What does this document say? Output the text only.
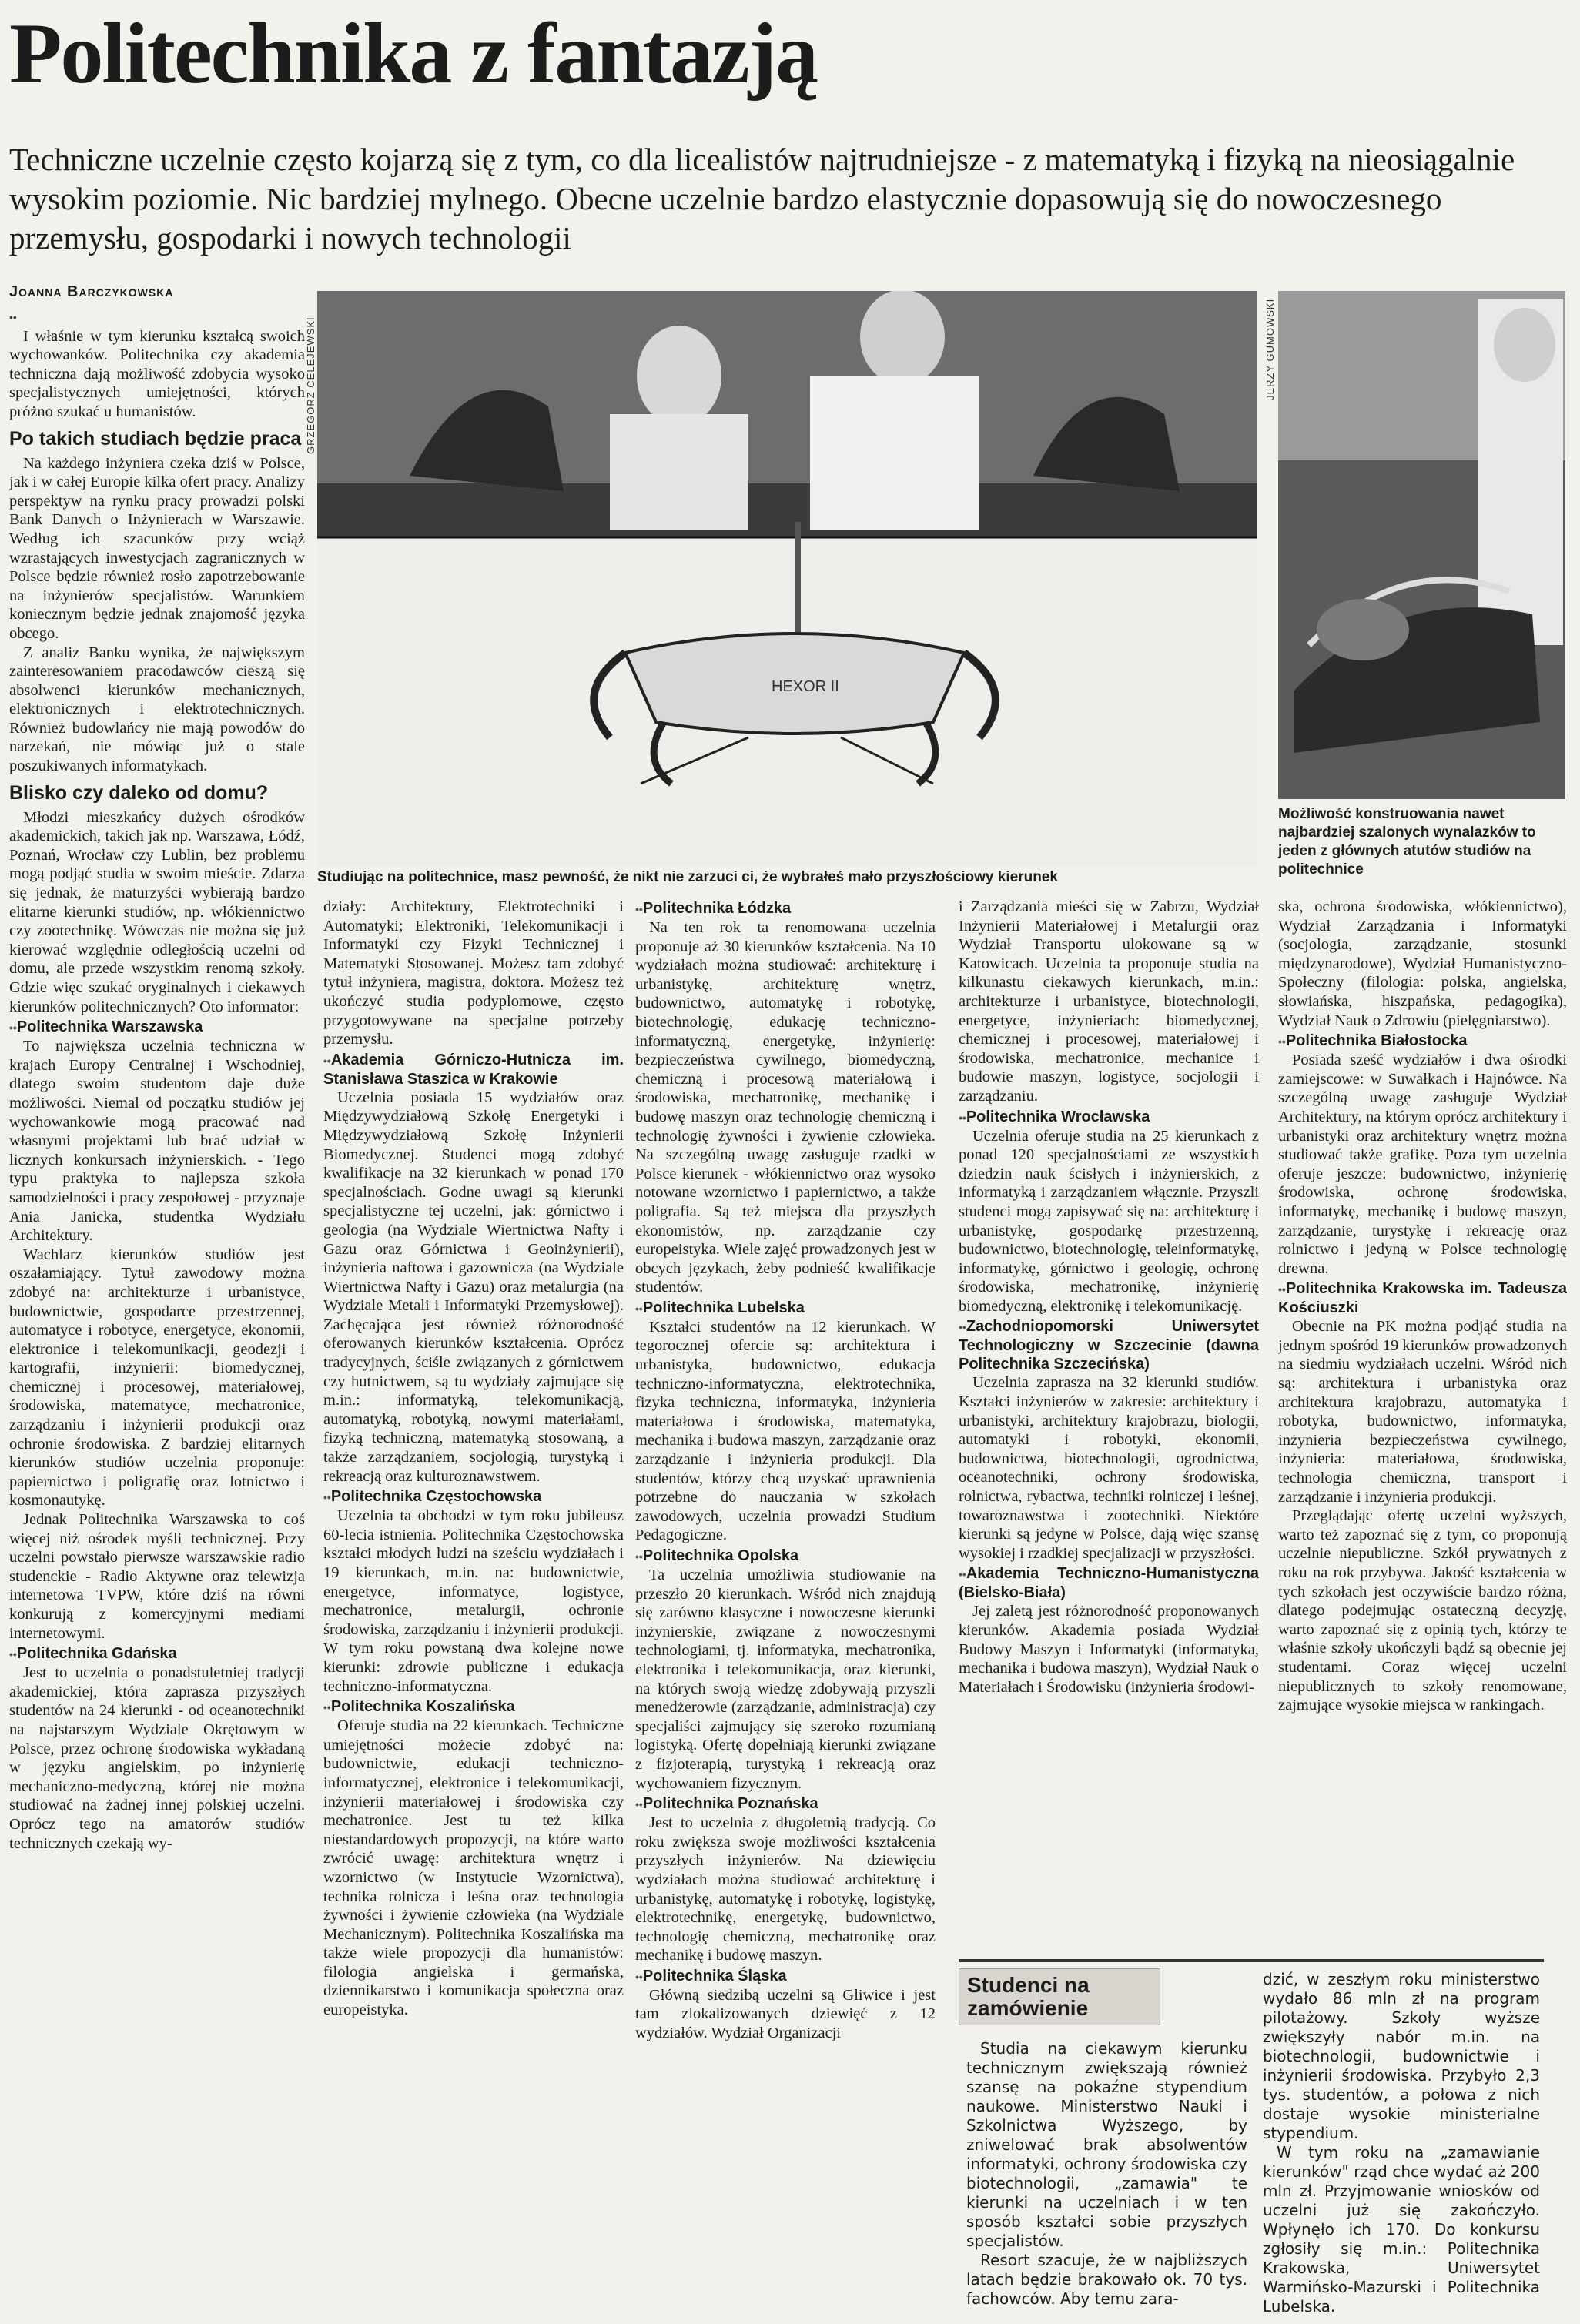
Politechnika z fantazją

Techniczne uczelnie często kojarzą się z tym, co dla licealistów najtrudniejsze - z matematyką i fizyką na nieosiągalnie wysokim poziomie. Nic bardziej mylnego. Obecne uczelnie bardzo elastycznie dopasowują się do nowoczesnego przemysłu, gospodarki i nowych technologii

Joanna Barczykowska
••

I właśnie w tym kierunku kształcą swoich wychowanków. Politechnika czy akademia techniczna dają możliwość zdobycia wysoko specjalistycznych umiejętności, których próżno szukać u humanistów.

Po takich studiach będzie praca

Na każdego inżyniera czeka dziś w Polsce, jak i w całej Europie kilka ofert pracy. Analizy perspektyw na rynku pracy prowadzi polski Bank Danych o Inżynierach w Warszawie. Według ich szacunków przy wciąż wzrastających inwestycjach zagranicznych w Polsce będzie również rosło zapotrzebowanie na inżynierów specjalistów. Warunkiem koniecznym będzie jednak znajomość języka obcego.

Z analiz Banku wynika, że największym zainteresowaniem pracodawców cieszą się absolwenci kierunków mechanicznych, elektronicznych i elektrotechnicznych. Również budowlańcy nie mają powodów do narzekań, nie mówiąc już o stale poszukiwanych informatykach.

Blisko czy daleko od domu?

Młodzi mieszkańcy dużych ośrodków akademickich, takich jak np. Warszawa, Łódź, Poznań, Wrocław czy Lublin, bez problemu mogą podjąć studia w swoim mieście. Zdarza się jednak, że maturzyści wybierają bardzo elitarne kierunki studiów, np. włókiennictwo czy zootechnikę. Wówczas nie można się już kierować względnie odległością uczelni od domu, ale przede wszystkim renomą szkoły. Gdzie więc szukać oryginalnych i ciekawych kierunków politechnicznych? Oto informator:

•• Politechnika Warszawska

To największa uczelnia techniczna w krajach Europy Centralnej i Wschodniej, dlatego swoim studentom daje duże możliwości. Niemal od początku studiów jej wychowankowie mogą pracować nad własnymi projektami lub brać udział w licznych konkursach inżynierskich. - Tego typu praktyka to najlepsza szkoła samodzielności i pracy zespołowej - przyznaje Ania Janicka, studentka Wydziału Architektury.

Wachlarz kierunków studiów jest oszałamiający. Tytuł zawodowy można zdobyć na: architekturze i urbanistyce, budownictwie, gospodarce przestrzennej, automatyce i robotyce, energetyce, ekonomii, elektronice i telekomunikacji, geodezji i kartografii, inżynierii: biomedycznej, chemicznej i procesowej, materiałowej, środowiska, matematyce, mechatronice, zarządzaniu i inżynierii produkcji oraz ochronie środowiska. Z bardziej elitarnych kierunków studiów uczelnia proponuje: papiernictwo i poligrafię oraz lotnictwo i kosmonautykę.

Jednak Politechnika Warszawska to coś więcej niż ośrodek myśli technicznej. Przy uczelni powstało pierwsze warszawskie radio studenckie - Radio Aktywne oraz telewizja internetowa TVPW, które dziś na równi konkurują z komercyjnymi mediami internetowymi.

•• Politechnika Gdańska

Jest to uczelnia o ponadstuletniej tradycji akademickiej, która zaprasza przyszłych studentów na 24 kierunki - od oceanotechniki na najstarszym Wydziale Okrętowym w Polsce, przez ochronę środowiska wykładaną w języku angielskim, po inżynierię mechaniczno-medyczną, której nie można studiować na żadnej innej polskiej uczelni. Oprócz tego na amatorów studiów technicznych czekają wy-

HEXOR II
GRZEGORZ CELEJEWSKI
Studiując na politechnice, masz pewność, że nikt nie zarzuci ci, że wybrałeś mało przyszłościowy kierunek
JERZY GUMOWSKI
Możliwość konstruowania nawet najbardziej szalonych wynalazków to jeden z głównych atutów studiów na politechnice

działy: Architektury, Elektrotechniki i Automatyki; Elektroniki, Telekomunikacji i Informatyki czy Fizyki Technicznej i Matematyki Stosowanej. Możesz tam zdobyć tytuł inżyniera, magistra, doktora. Możesz też ukończyć studia podyplomowe, często przygotowywane na specjalne potrzeby przemysłu.

•• Akademia Górniczo-Hutnicza im. Stanisława Staszica w Krakowie

Uczelnia posiada 15 wydziałów oraz Międzywydziałową Szkołę Energetyki i Międzywydziałową Szkołę Inżynierii Biomedycznej. Studenci mogą zdobyć kwalifikacje na 32 kierunkach w ponad 170 specjalnościach. Godne uwagi są kierunki specjalistyczne tej uczelni, jak: górnictwo i geologia (na Wydziale Wiertnictwa Nafty i Gazu oraz Górnictwa i Geoinżynierii), inżynieria naftowa i gazownicza (na Wydziale Wiertnictwa Nafty i Gazu) oraz metalurgia (na Wydziale Metali i Informatyki Przemysłowej). Zachęcająca jest również różnorodność oferowanych kierunków kształcenia. Oprócz tradycyjnych, ściśle związanych z górnictwem czy hutnictwem, są tu wydziały zajmujące się m.in.: informatyką, telekomunikacją, automatyką, robotyką, nowymi materiałami, fizyką techniczną, matematyką stosowaną, a także zarządzaniem, socjologią, turystyką i rekreacją oraz kulturoznawstwem.

•• Politechnika Częstochowska

Uczelnia ta obchodzi w tym roku jubileusz 60-lecia istnienia. Politechnika Częstochowska kształci młodych ludzi na sześciu wydziałach i 19 kierunkach, m.in. na: budownictwie, energetyce, informatyce, logistyce, mechatronice, metalurgii, ochronie środowiska, zarządzaniu i inżynierii produkcji. W tym roku powstaną dwa kolejne nowe kierunki: zdrowie publiczne i edukacja techniczno-informatyczna.

•• Politechnika Koszalińska

Oferuje studia na 22 kierunkach. Techniczne umiejętności możecie zdobyć na: budownictwie, edukacji techniczno-informatycznej, elektronice i telekomunikacji, inżynierii materiałowej i środowiska czy mechatronice. Jest tu też kilka niestandardowych propozycji, na które warto zwrócić uwagę: architektura wnętrz i wzornictwo (w Instytucie Wzornictwa), technika rolnicza i leśna oraz technologia żywności i żywienie człowieka (na Wydziale Mechanicznym). Politechnika Koszalińska ma także wiele propozycji dla humanistów: filologia angielska i germańska, dziennikarstwo i komunikacja społeczna oraz europeistyka.

•• Politechnika Łódzka

Na ten rok ta renomowana uczelnia proponuje aż 30 kierunków kształcenia. Na 10 wydziałach można studiować: architekturę i urbanistykę, architekturę wnętrz, budownictwo, automatykę i robotykę, biotechnologię, edukację techniczno-informatyczną, energetykę, inżynierię: bezpieczeństwa cywilnego, biomedyczną, chemiczną i procesową materiałową i środowiska, mechatronikę, mechanikę i budowę maszyn oraz technologię chemiczną i technologię żywności i żywienie człowieka. Na szczególną uwagę zasługuje rzadki w Polsce kierunek - włókiennictwo oraz wysoko notowane wzornictwo i papiernictwo, a także poligrafia. Są też miejsca dla przyszłych ekonomistów, np. zarządzanie czy europeistyka. Wiele zajęć prowadzonych jest w obcych językach, żeby podnieść kwalifikacje studentów.

•• Politechnika Lubelska

Kształci studentów na 12 kierunkach. W tegorocznej ofercie są: architektura i urbanistyka, budownictwo, edukacja techniczno-informatyczna, elektrotechnika, fizyka techniczna, informatyka, inżynieria materiałowa i środowiska, matematyka, mechanika i budowa maszyn, zarządzanie oraz zarządzanie i inżynieria produkcji. Dla studentów, którzy chcą uzyskać uprawnienia potrzebne do nauczania w szkołach zawodowych, uczelnia prowadzi Studium Pedagogiczne.

•• Politechnika Opolska

Ta uczelnia umożliwia studiowanie na przeszło 20 kierunkach. Wśród nich znajdują się zarówno klasyczne i nowoczesne kierunki inżynierskie, związane z nowoczesnymi technologiami, tj. informatyka, mechatronika, elektronika i telekomunikacja, oraz kierunki, na których swoją wiedzę zdobywają przyszli menedżerowie (zarządzanie, administracja) czy specjaliści zajmujący się szeroko rozumianą logistyką. Ofertę dopełniają kierunki związane z fizjoterapią, turystyką i rekreacją oraz wychowaniem fizycznym.

•• Politechnika Poznańska

Jest to uczelnia z długoletnią tradycją. Co roku zwiększa swoje możliwości kształcenia przyszłych inżynierów. Na dziewięciu wydziałach można studiować architekturę i urbanistykę, automatykę i robotykę, logistykę, elektrotechnikę, energetykę, budownictwo, technologię chemiczną, mechatronikę oraz mechanikę i budowę maszyn.

•• Politechnika Śląska

Główną siedzibą uczelni są Gliwice i jest tam zlokalizowanych dziewięć z 12 wydziałów. Wydział Organizacji

i Zarządzania mieści się w Zabrzu, Wydział Inżynierii Materiałowej i Metalurgii oraz Wydział Transportu ulokowane są w Katowicach. Uczelnia ta proponuje studia na kilkunastu ciekawych kierunkach, m.in.: architekturze i urbanistyce, biotechnologii, energetyce, inżynieriach: biomedycznej, chemicznej i procesowej, materiałowej i środowiska, mechatronice, mechanice i budowie maszyn, logistyce, socjologii i zarządzaniu.

•• Politechnika Wrocławska

Uczelnia oferuje studia na 25 kierunkach z ponad 120 specjalnościami ze wszystkich dziedzin nauk ścisłych i inżynierskich, z informatyką i zarządzaniem włącznie. Przyszli studenci mogą zapisywać się na: architekturę i urbanistykę, gospodarkę przestrzenną, budownictwo, biotechnologię, teleinformatykę, informatykę, górnictwo i geologię, ochronę środowiska, mechatronikę, inżynierię biomedyczną, elektronikę i telekomunikację.

•• Zachodniopomorski Uniwersytet Technologiczny w Szczecinie (dawna Politechnika Szczecińska)

Uczelnia zaprasza na 32 kierunki studiów. Kształci inżynierów w zakresie: architektury i urbanistyki, architektury krajobrazu, biologii, automatyki i robotyki, ekonomii, budownictwa, biotechnologii, ogrodnictwa, oceanotechniki, ochrony środowiska, rolnictwa, rybactwa, techniki rolniczej i leśnej, towaroznawstwa i zootechniki. Niektóre kierunki są jedyne w Polsce, dają więc szansę wysokiej i rzadkiej specjalizacji w przyszłości.

•• Akademia Techniczno-Humanistyczna (Bielsko-Biała)

Jej zaletą jest różnorodność proponowanych kierunków. Akademia posiada Wydział Budowy Maszyn i Informatyki (informatyka, mechanika i budowa maszyn), Wydział Nauk o Materiałach i Środowisku (inżynieria środowi-

ska, ochrona środowiska, włókiennictwo), Wydział Zarządzania i Informatyki (socjologia, zarządzanie, stosunki międzynarodowe), Wydział Humanistyczno-Społeczny (filologia: polska, angielska, słowiańska, hiszpańska, pedagogika), Wydział Nauk o Zdrowiu (pielęgniarstwo).

•• Politechnika Białostocka

Posiada sześć wydziałów i dwa ośrodki zamiejscowe: w Suwałkach i Hajnówce. Na szczególną uwagę zasługuje Wydział Architektury, na którym oprócz architektury i urbanistyki oraz architektury wnętrz można studiować także grafikę. Poza tym uczelnia oferuje jeszcze: budownictwo, inżynierię środowiska, ochronę środowiska, informatykę, mechanikę i budowę maszyn, zarządzanie, turystykę i rekreację oraz rolnictwo i jedyną w Polsce technologię drewna.

•• Politechnika Krakowska im. Tadeusza Kościuszki

Obecnie na PK można podjąć studia na jednym spośród 19 kierunków prowadzonych na siedmiu wydziałach uczelni. Wśród nich są: architektura i urbanistyka oraz architektura krajobrazu, automatyka i robotyka, budownictwo, informatyka, inżynieria bezpieczeństwa cywilnego, inżynieria: materiałowa, środowiska, technologia chemiczna, transport i zarządzanie i inżynieria produkcji.

Przeglądając ofertę uczelni wyższych, warto też zapoznać się z tym, co proponują uczelnie niepubliczne. Szkół prywatnych z roku na rok przybywa. Jakość kształcenia w tych szkołach jest oczywiście bardzo różna, dlatego podejmując ostateczną decyzję, warto zapoznać się z opinią tych, którzy te właśnie szkoły ukończyli bądź są obecnie jej studentami. Coraz więcej uczelni niepublicznych to szkoły renomowane, zajmujące wysokie miejsca w rankingach.

Studenci na zamówienie

Studia na ciekawym kierunku technicznym zwiększają również szansę na pokaźne stypendium naukowe. Ministerstwo Nauki i Szkolnictwa Wyższego, by zniwelować brak absolwentów informatyki, ochrony środowiska czy biotechnologii, „zamawia" te kierunki na uczelniach i w ten sposób kształci sobie przyszłych specjalistów.

Resort szacuje, że w najbliższych latach będzie brakowało ok. 70 tys. fachowców. Aby temu zara-

dzić, w zeszłym roku ministerstwo wydało 86 mln zł na program pilotażowy. Szkoły wyższe zwiększyły nabór m.in. na biotechnologii, budownictwie i inżynierii środowiska. Przybyło 2,3 tys. studentów, a połowa z nich dostaje wysokie ministerialne stypendium.

W tym roku na „zamawianie kierunków" rząd chce wydać aż 200 mln zł. Przyjmowanie wniosków od uczelni już się zakończyło. Wpłynęło ich 170. Do konkursu zgłosiły się m.in.: Politechnika Krakowska, Uniwersytet Warmińsko-Mazurski i Politechnika Lubelska.
